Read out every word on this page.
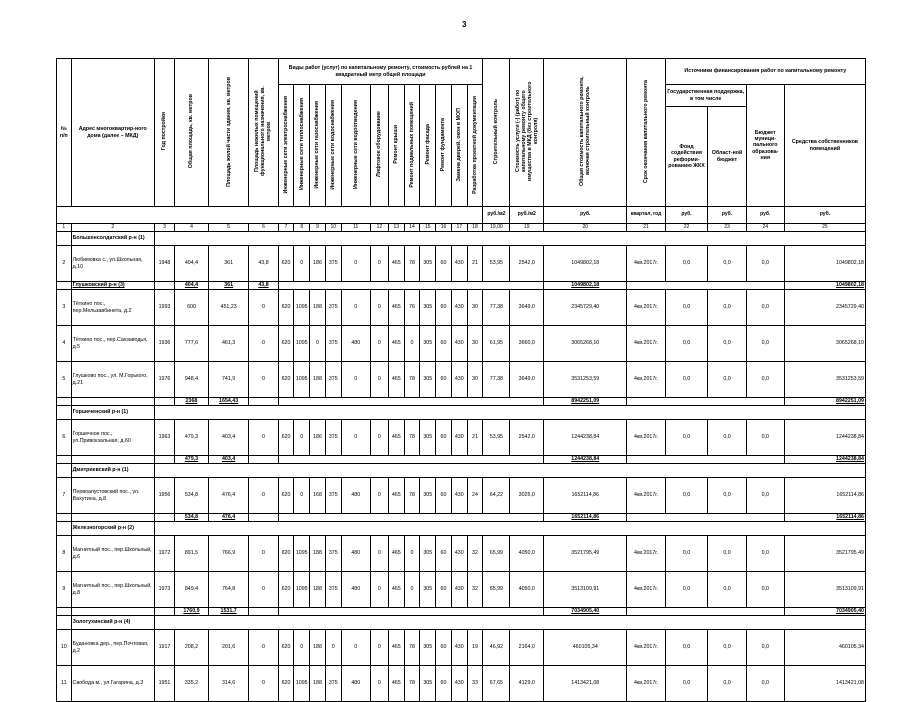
3
№ п/п	Адрес многоквартир-ного дома (далее – МКД)	Год постройки	Общая площадь, кв. метров	Площадь жилой части здания, кв. метров	Площадь нежилых помещений функционального назначения, кв. метров	Виды работ (услуг) по капитальному ремонту, стоимость рублей на 1 квадратный метр общей площади												Строительный контроль	Стоимость услуги (-) (работ) по капитальному ремонту общего имущества в МКД (без строительного контроля)	Общая стоимость капитального ремонта, включая строительный контроль	Срок окончания капитального ремонта	Источники финансирования работ по капитальному ремонту			
						Инженерные сети электроснабжения	Инженерные сети теплоснабжения	Инженерные сети газоснабжения	Инженерные сети водоснабжения	Инженерные сети водоотведения	Лифтовое оборудование	Ремонт крыши	Ремонт подвальных помещений	Ремонт фасада	Ремонт фундамента	Замена дверей, окон в МОП	Разработка проектной документации					Государственная поддержка, в том числе		Бюджет муници-пального образова-ния	Средства собственников помещений
																						Фонд содействия реформи-рованию ЖКХ	Област-ной бюджет		
																		руб./м2	руб./м2	руб.	квартал, год	руб.	руб.	руб.	руб.
1	2	3	4	5	6	7	8	9	10	11	12	13	14	15	16	17	18	19,00	19	20	21	22	23	24	25
	Большенсолдатский р-н (1)																								
2	Любимовка с., ул.Школьная, д.10	1948	404,4	361	43,8	620	0	186	375	0	0	465	78	305	60	430	21	53,95	2542,0	1049802,18	4кв.2017г.	0,0	0,0	0,0	1049802,18
	Глушковский р-н (3)		404,4	361	43,8															1049802,18					1049802,18
3	Тёткино пос., пер.Мельзавбинета, д.2	1993	600	451,23	0	620	1095	188	375	0	0	465	76	305	60	430	30	77,38	3649,0	2345729,40	4кв.2017г.	0,0	0,0	0,0	2345729,40
4	Тёткино пос., пер.Сахзаводья, д.5	1936	777,6	461,3	0	620	1095	0	375	480	0	465	0	305	60	430	30	61,95	3660,0	3065268,10	4кв.2017г.	0,0	0,0	0,0	3065268,10
5	Глушково пос., ул. М.Горького, д.21	1976	948,4	741,9	0	620	1095	188	375	0	0	465	78	305	60	430	30	77,38	3649,0	3531253,59	4кв.2017г.	0,0	0,0	0,0	3531253,59
			2368	1654,43																8942251,09					8942251,09
	Горшеченский р-н (1)																								
6	Горшечное пос., ул.Привокзальная, д.60	1963	479,3	403,4	0	620	0	186	375	0	0	465	78	305	60	430	21	53,95	2542,0	1244238,84	4кв.2017г.	0,0	0,0	0,0	1244238,84
			479,3	403,4																1244238,84					1244238,84
	Дмитриевский р-н (1)																								
7	Первоапустовский пос., ул. Вахутина, д.8	1956	534,8	476,4	0	620	0	168	375	480	0	465	78	305	60	430	24	64,22	3025,0	1652114,86	4кв.2017г.	0,0	0,0	0,0	1652114,86
			534,8	476,4																1652114,86					1652114,86
	Железногорский р-н (2)																								
8	Магнитный пос., пер.Школьный, д.6	1972	891,5	766,9	0	620	1095	188	375	480	0	465	0	305	60	430	32	65,99	4050,0	3521795,49	4кв.2017г.	0,0	0,0	0,0	3521795,49
9	Магнитный пос., пер.Школьный, д.8	1973	849,4	764,8	0	620	1095	188	375	480	0	465	0	305	60	430	32	65,99	4050,0	3513109,91	4кв.2017г.	0,0	0,0	0,0	3513109,91
			1760,9	1531,7																7034905,40					7034905,40
	Золотухинский р-н (4)																								
10	Будановка дер., пер.Почтовая, д.2	1917	208,2	201,6	0	620	0	188	0	0	0	465	78	305	60	430	19	46,92	2164,0	460105,34	4кв.2017г.	0,0	0,0	0,0	460105,34
11	Свобода м., ул.Гагарина, д.3	1951	335,2	314,6	0	620	1095	188	375	480	0	465	78	305	60	430	33	67,65	4129,0	1413421,08	4кв.2017г.	0,0	0,0	0,0	1413421,08
